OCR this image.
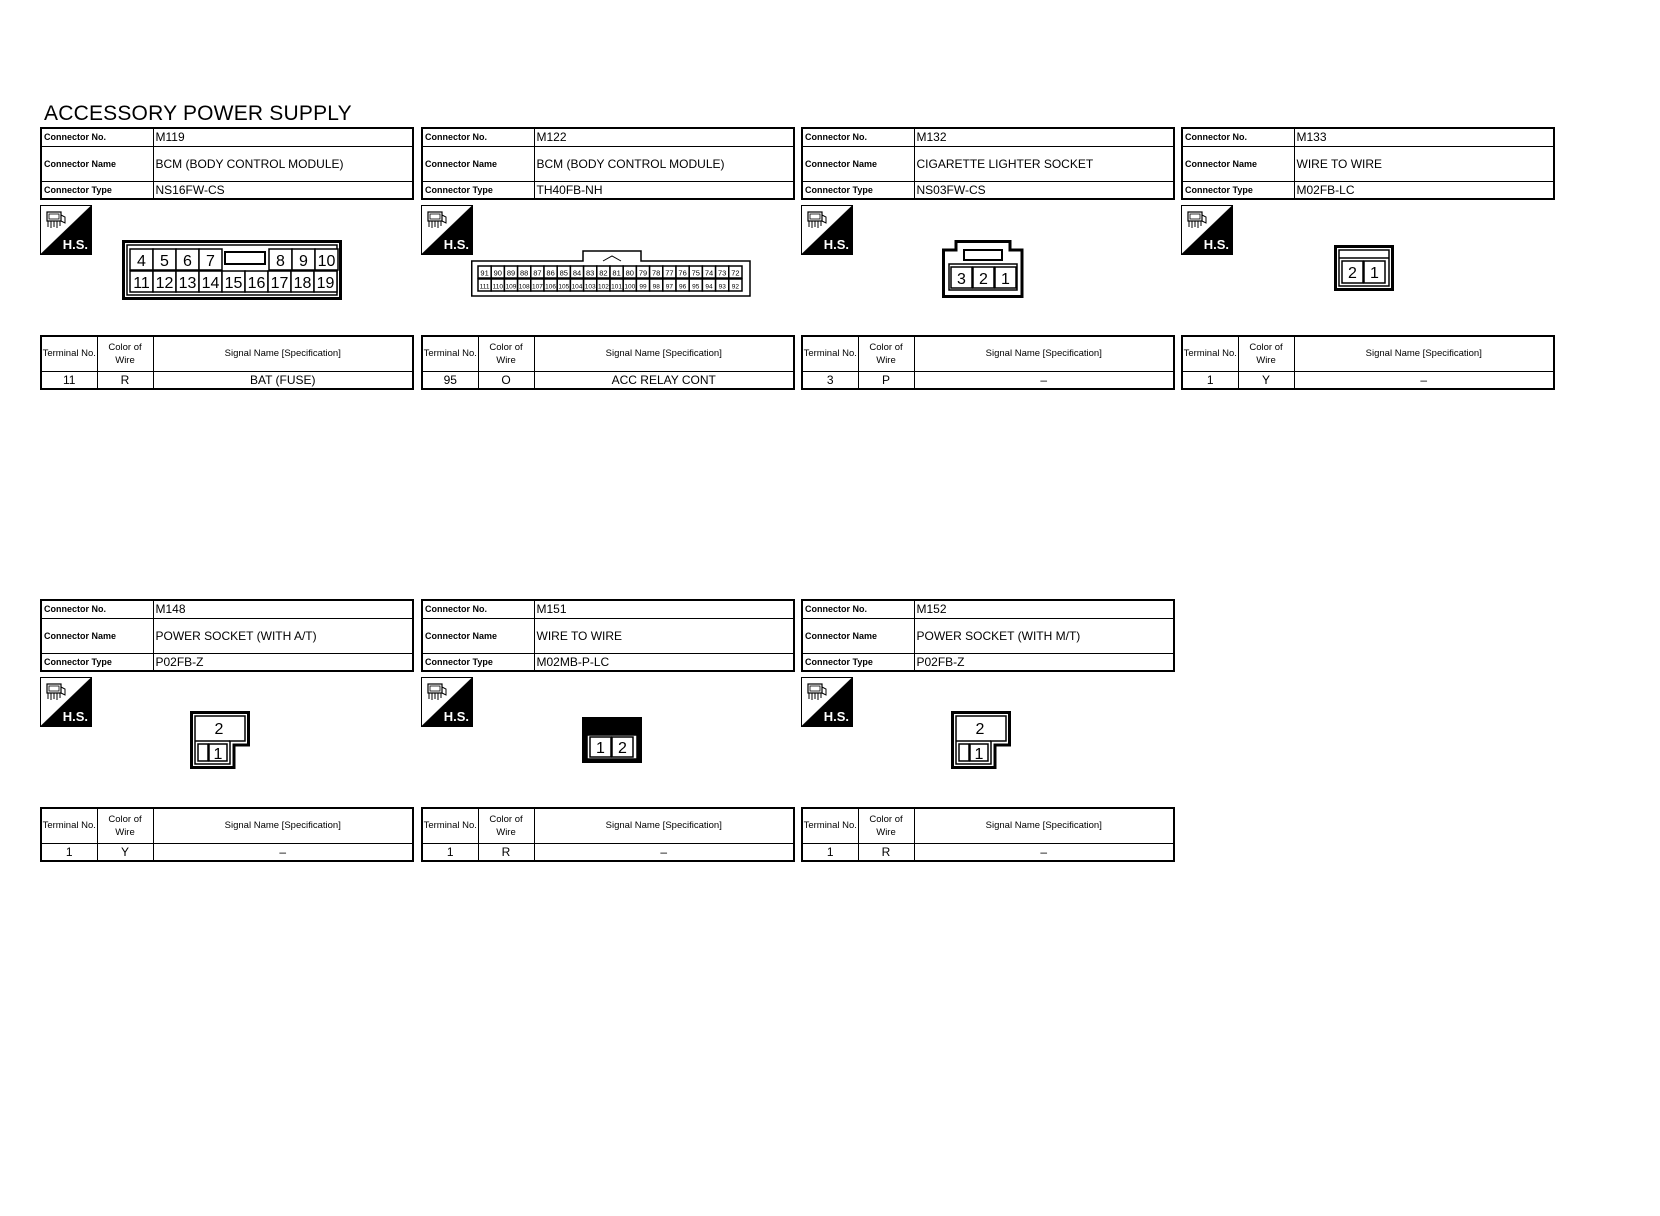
ACCESSORY POWER SUPPLY
Connector No.	M119
Connector Name	BCM (BODY CONTROL MODULE)
Connector Type	NS16FW-CS
H.S.
4 5 6 7	8 9 10
11 12 13 14 15 16 17 18 19
Terminal No.	Color of Wire	Signal Name [Specification]
11	R	BAT (FUSE)
Connector No.	M122
Connector Name	BCM (BODY CONTROL MODULE)
Connector Type	TH40FB-NH
H.S.
91 90 89 88 87 86 85 84 83 82 81 80 79 78 77 76 75 74 73 72
111 110 109 108 107 106 105 104 103 102 101 100 99 98 97 96 95 94 93 92
Terminal No.	Color of Wire	Signal Name [Specification]
95	O	ACC RELAY CONT
Connector No.	M132
Connector Name	CIGARETTE LIGHTER SOCKET
Connector Type	NS03FW-CS
H.S.
3 2 1
Terminal No.	Color of Wire	Signal Name [Specification]
3	P	–
Connector No.	M133
Connector Name	WIRE TO WIRE
Connector Type	M02FB-LC
H.S.
2 1
Terminal No.	Color of Wire	Signal Name [Specification]
1	Y	–
Connector No.	M148
Connector Name	POWER SOCKET (WITH A/T)
Connector Type	P02FB-Z
H.S.
2
1
Terminal No.	Color of Wire	Signal Name [Specification]
1	Y	–
Connector No.	M151
Connector Name	WIRE TO WIRE
Connector Type	M02MB-P-LC
H.S.
1 2
Terminal No.	Color of Wire	Signal Name [Specification]
1	R	–
Connector No.	M152
Connector Name	POWER SOCKET (WITH M/T)
Connector Type	P02FB-Z
H.S.
2
1
Terminal No.	Color of Wire	Signal Name [Specification]
1	R	–
